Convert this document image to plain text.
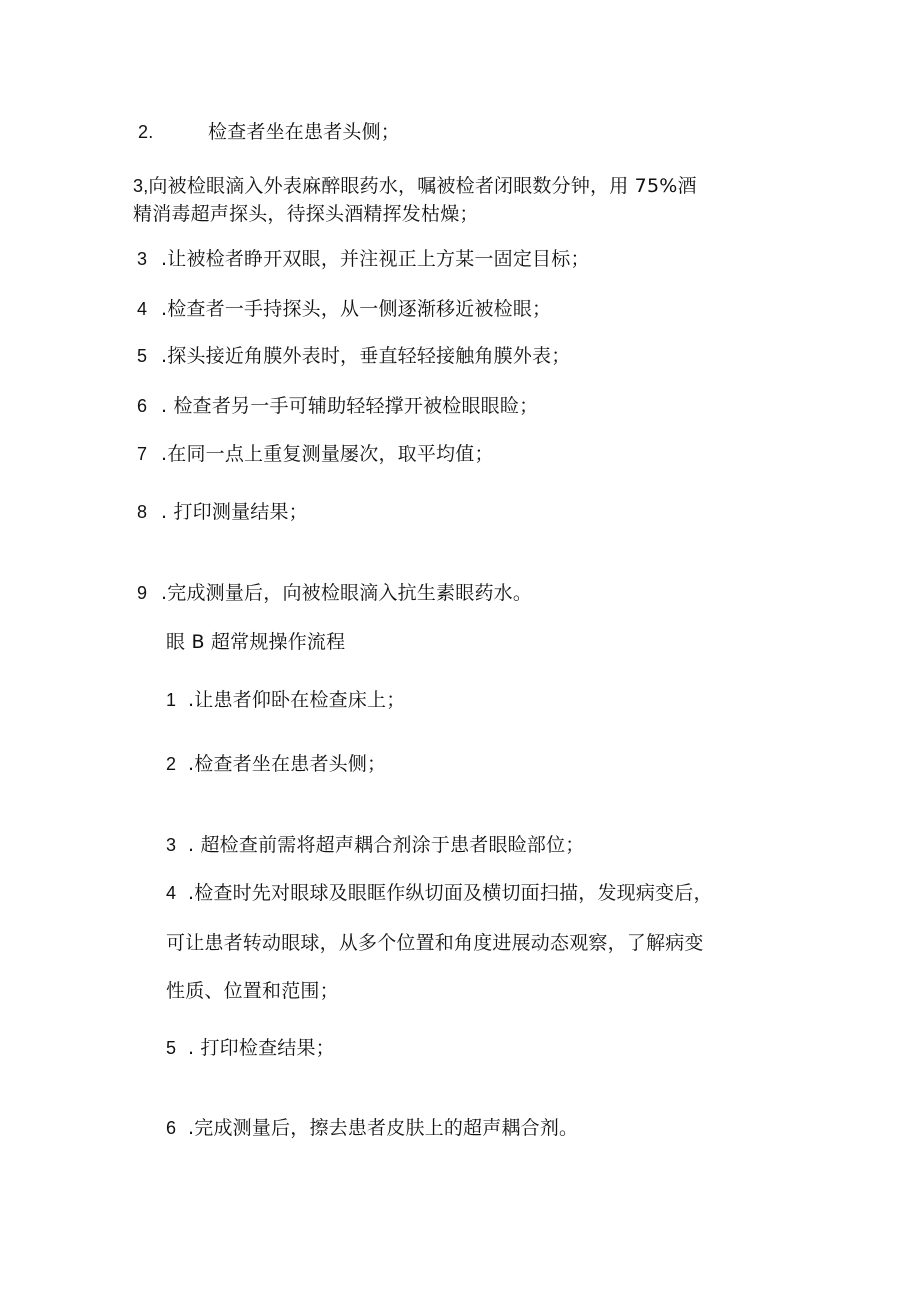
2.	检查者坐在患者头侧；
3,向被检眼滴入外表麻醉眼药水，嘱被检者闭眼数分钟，用 75%酒
精消毒超声探头，待探头酒精挥发枯燥；
3 .让被检者睁开双眼，并注视正上方某一固定目标；
4 .检查者一手持探头，从一侧逐渐移近被检眼；
5 .探头接近角膜外表时，垂直轻轻接触角膜外表；
6 . 检查者另一手可辅助轻轻撑开被检眼眼睑；
7 .在同一点上重复测量屡次，取平均值；
8 . 打印测量结果；
9 .完成测量后，向被检眼滴入抗生素眼药水。
眼 B 超常规操作流程
1 .让患者仰卧在检查床上；
2 .检查者坐在患者头侧；
3 . 超检查前需将超声耦合剂涂于患者眼睑部位；
4 .检查时先对眼球及眼眶作纵切面及横切面扫描，发现病变后，
可让患者转动眼球，从多个位置和角度进展动态观察，了解病变
性质、位置和范围；
5 . 打印检查结果；
6 .完成测量后，擦去患者皮肤上的超声耦合剂。
